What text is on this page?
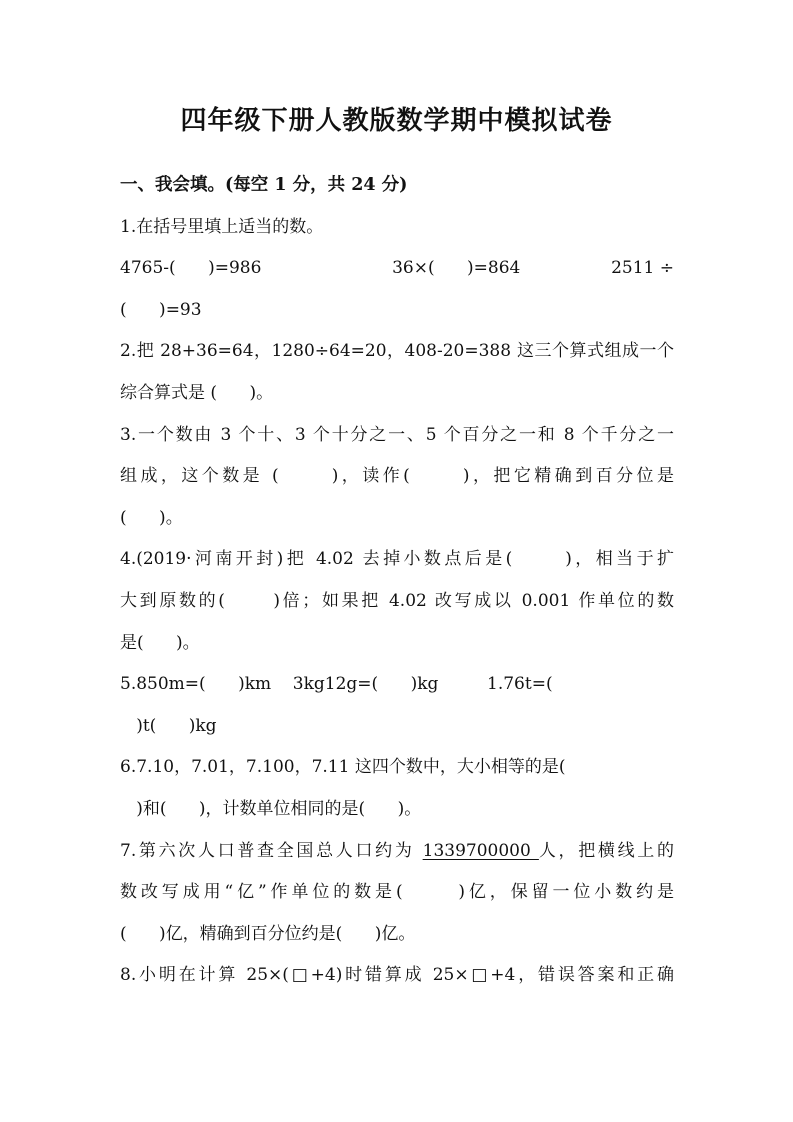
四年级下册人教版数学期中模拟试卷
一、我会填。(每空 1 分，共 24 分)
1.在括号里填上适当的数。
4765-(      )=986	36×(      )=864	2511 ÷
(      )=93
2.把 28+36=64，1280÷64=20，408-20=388 这三个算式组成一个
综合算式是 (      )。
3.一个数由 3 个十、3 个十分之一、5 个百分之一和 8 个千分之一
组成，这个数是 (      )，读作(      )，把它精确到百分位是
(      )。
4.(2019·河南开封)把 4.02 去掉小数点后是(      )，相当于扩
大到原数的(      )倍；如果把 4.02 改写成以 0.001 作单位的数
是(      )。
5.850m=(      )km    3kg12g=(      )kg         1.76t=(
)t(      )kg
6.7.10，7.01，7.100，7.11 这四个数中，大小相等的是(
)和(      )，计数单位相同的是(      )。
7.第六次人口普查全国总人口约为 1339700000 人，把横线上的
数改写成用“亿”作单位的数是(      )亿，保留一位小数约是
(      )亿，精确到百分位约是(      )亿。
8.小明在计算 25×(□+4)时错算成 25×□+4，错误答案和正确
